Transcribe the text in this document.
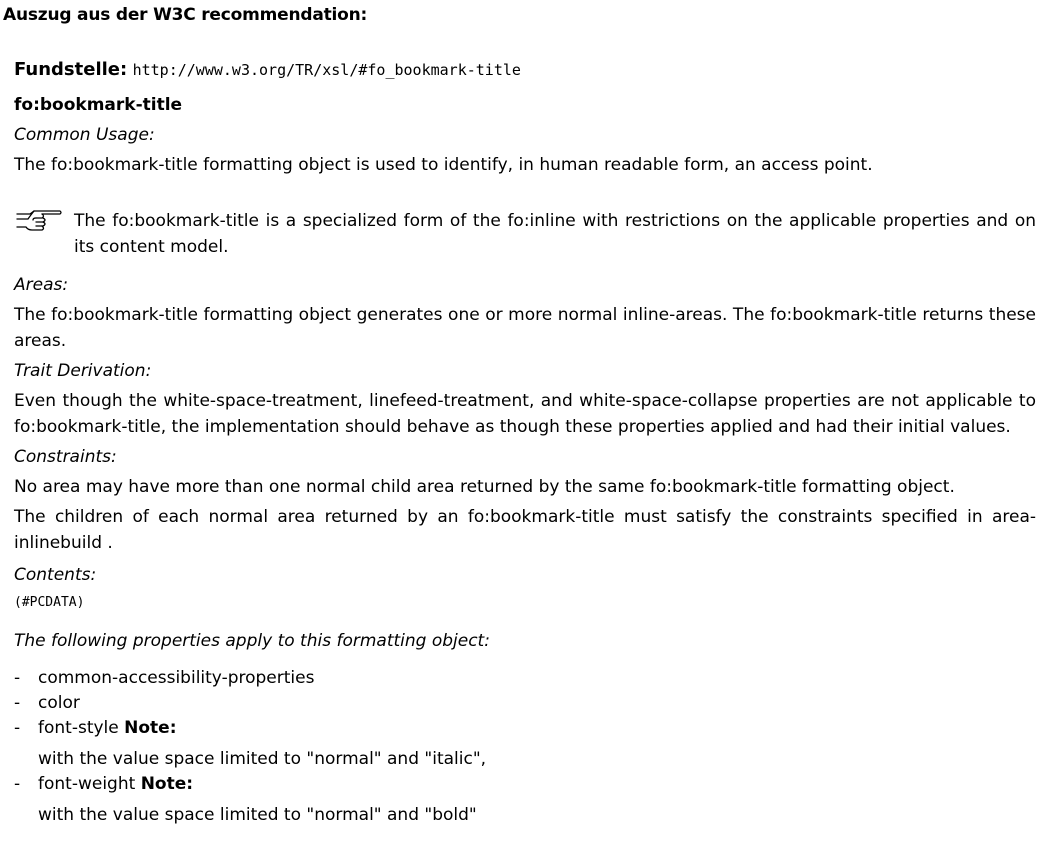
Auszug aus der W3C recommendation:
Fundstelle: http://www.w3.org/TR/xsl/#fo_bookmark-title
fo:bookmark-title
Common Usage:
The fo:bookmark-title formatting object is used to identify, in human readable form, an access point.
The fo:bookmark-title is a specialized form of the fo:inline with restrictions on the applicable properties and on its content model.
Areas:
The fo:bookmark-title formatting object generates one or more normal inline-areas. The fo:bookmark-title returns these areas.
Trait Derivation:
Even though the white-space-treatment, linefeed-treatment, and white-space-collapse properties are not applicable to fo:bookmark-title, the implementation should behave as though these properties applied and had their initial values.
Constraints:
No area may have more than one normal child area returned by the same fo:bookmark-title formatting object.
The children of each normal area returned by an fo:bookmark-title must satisfy the constraints specified in area-inlinebuild .
Contents:
(#PCDATA)
The following properties apply to this formatting object:
- common-accessibility-properties
- color
- font-style Note:
with the value space limited to "normal" and "italic",
- font-weight Note:
with the value space limited to "normal" and "bold"
